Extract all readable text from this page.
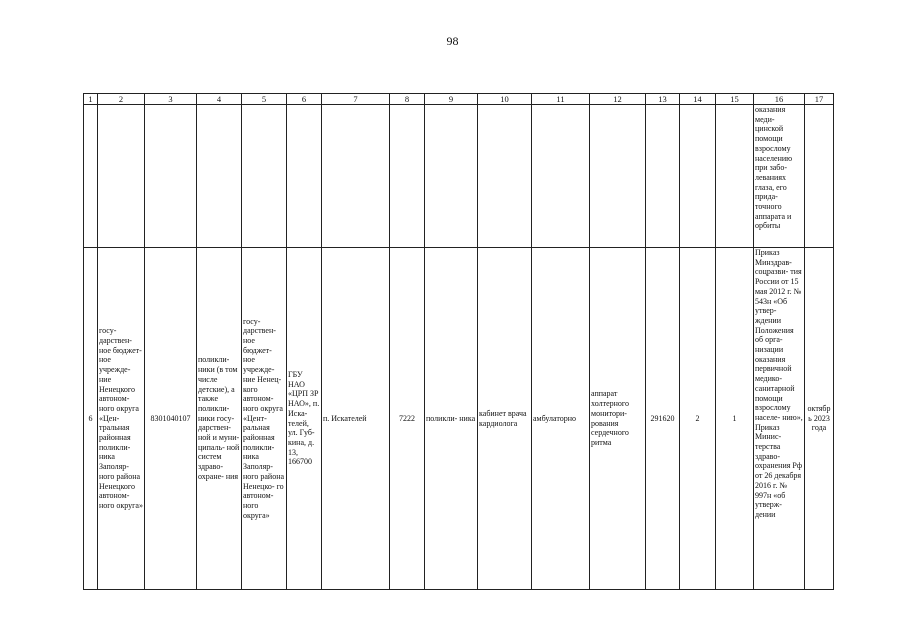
98
1	2	3	4	5	6	7	8	9	10	11	12	13	14	15	16	17
															оказания меди- цинской помощи взрослому населению при забо- леваниях глаза, его прида- точного аппарата и орбиты	
6	госу- дарствен- ное бюджет- ное учрежде- ние Ненецкого автоном- ного округа «Цен- тральная районная поликли- ника Заполяр- ного района Ненецкого автоном- ного округа»	8301040107	поликли- ники (в том числе детские), а также поликли- ники госу- дарствен- ной и муни- ципаль- ной систем здраво- охране- ния	госу- дарствен- ное бюджет- ное учрежде- ние Ненец- кого автоном- ного округа «Цент- ральная районная поликли- ника Заполяр- ного района Ненецко- го автоном- ного округа»	ГБУ НАО «ЦРП ЗР НАО», п. Иска- телей, ул. Губ- кина, д. 13, 166700	п. Искателей	7222	поликли- ника	кабинет врача кардиолога	амбулаторно	аппарат холтерного монитори- рования сердечного ритма	291620	2	1	Приказ Минздрав- соцразви- тия России от 15 мая 2012 г. № 543н «Об утвер- ждении Положения об орга- низации оказания первичной медико- санитарной помощи взрослому населе- нию», Приказ Минис- терства здраво- охранения Рф от 26 декабря 2016 г. № 997н «об утверж- дении	октябрь 2023 года
